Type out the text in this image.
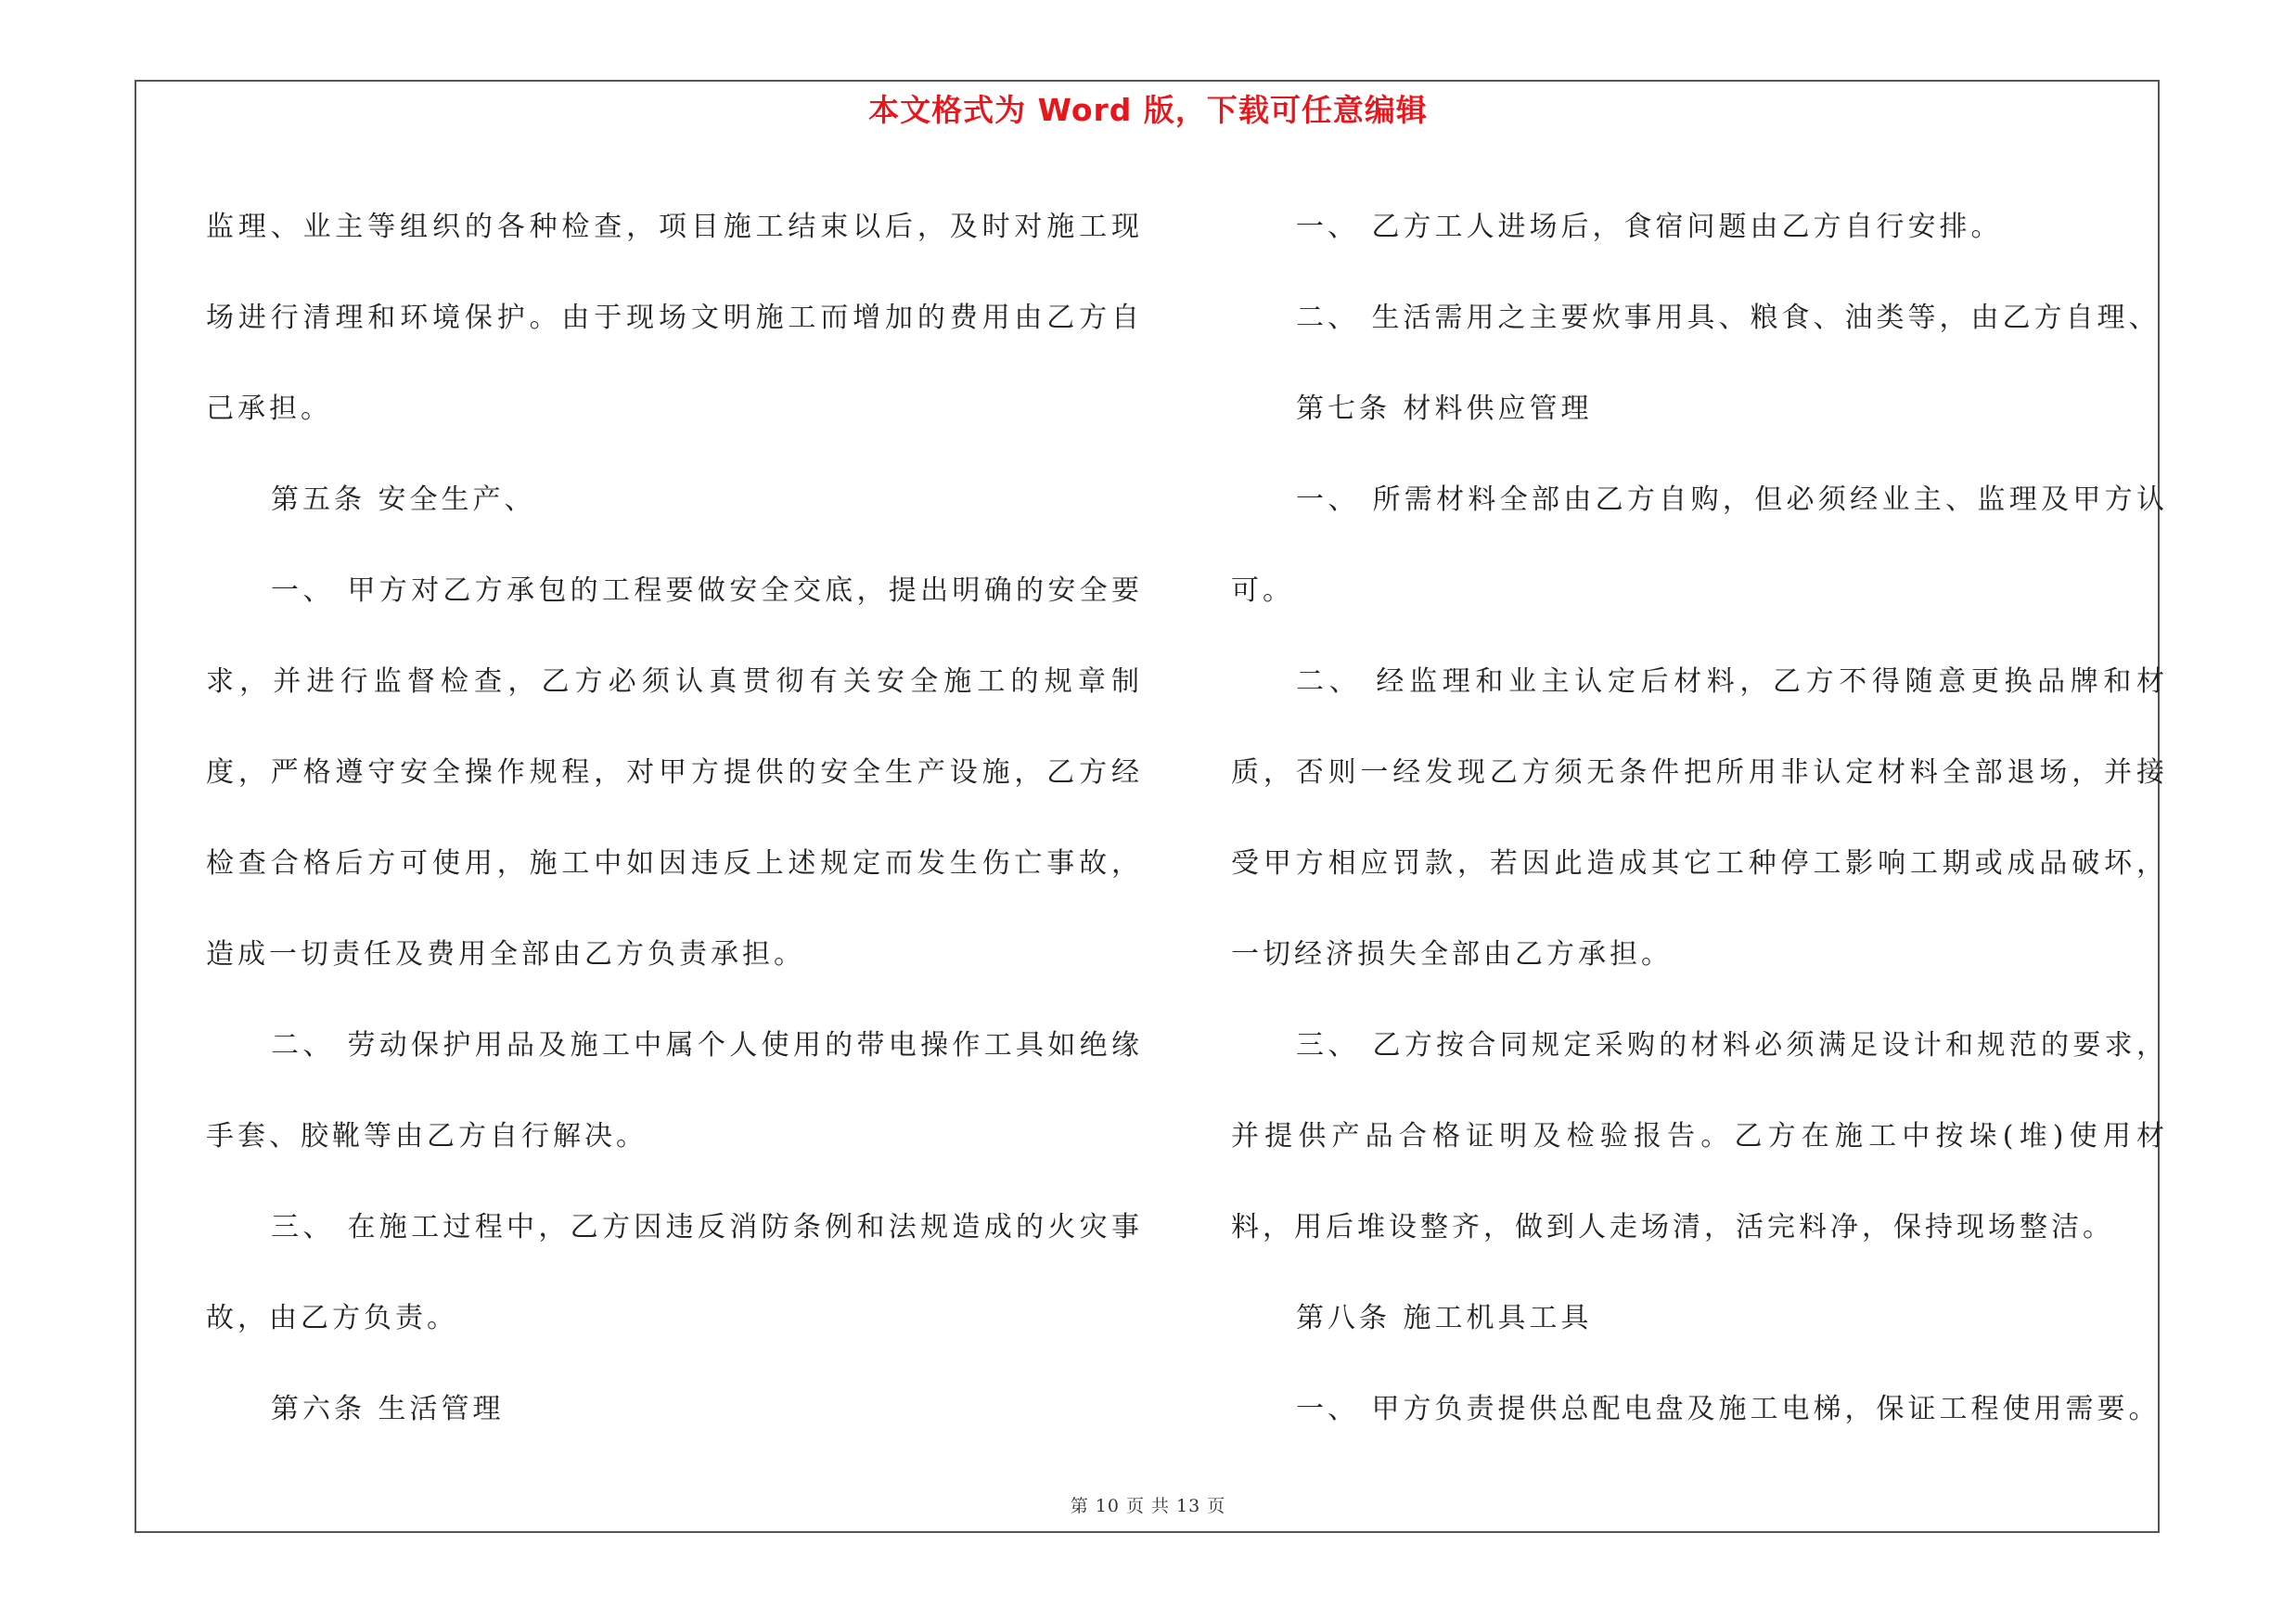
本文格式为 Word 版，下载可任意编辑

监理、业主等组织的各种检查，项目施工结束以后，及时对施工现场进行清理和环境保护。由于现场文明施工而增加的费用由乙方自己承担。

第五条 安全生产、

一、 甲方对乙方承包的工程要做安全交底，提出明确的安全要求，并进行监督检查，乙方必须认真贯彻有关安全施工的规章制度，严格遵守安全操作规程，对甲方提供的安全生产设施，乙方经检查合格后方可使用，施工中如因违反上述规定而发生伤亡事故，造成一切责任及费用全部由乙方负责承担。

二、 劳动保护用品及施工中属个人使用的带电操作工具如绝缘手套、胶靴等由乙方自行解决。

三、 在施工过程中，乙方因违反消防条例和法规造成的火灾事故，由乙方负责。

第六条 生活管理

一、 乙方工人进场后，食宿问题由乙方自行安排。

二、 生活需用之主要炊事用具、粮食、油类等，由乙方自理、

第七条 材料供应管理

一、 所需材料全部由乙方自购，但必须经业主、监理及甲方认可。

二、 经监理和业主认定后材料，乙方不得随意更换品牌和材质，否则一经发现乙方须无条件把所用非认定材料全部退场，并接受甲方相应罚款，若因此造成其它工种停工影响工期或成品破坏，一切经济损失全部由乙方承担。

三、 乙方按合同规定采购的材料必须满足设计和规范的要求，并提供产品合格证明及检验报告。乙方在施工中按垛(堆)使用材料，用后堆设整齐，做到人走场清，活完料净，保持现场整洁。

第八条 施工机具工具

一、 甲方负责提供总配电盘及施工电梯，保证工程使用需要。

第 10 页 共 13 页
